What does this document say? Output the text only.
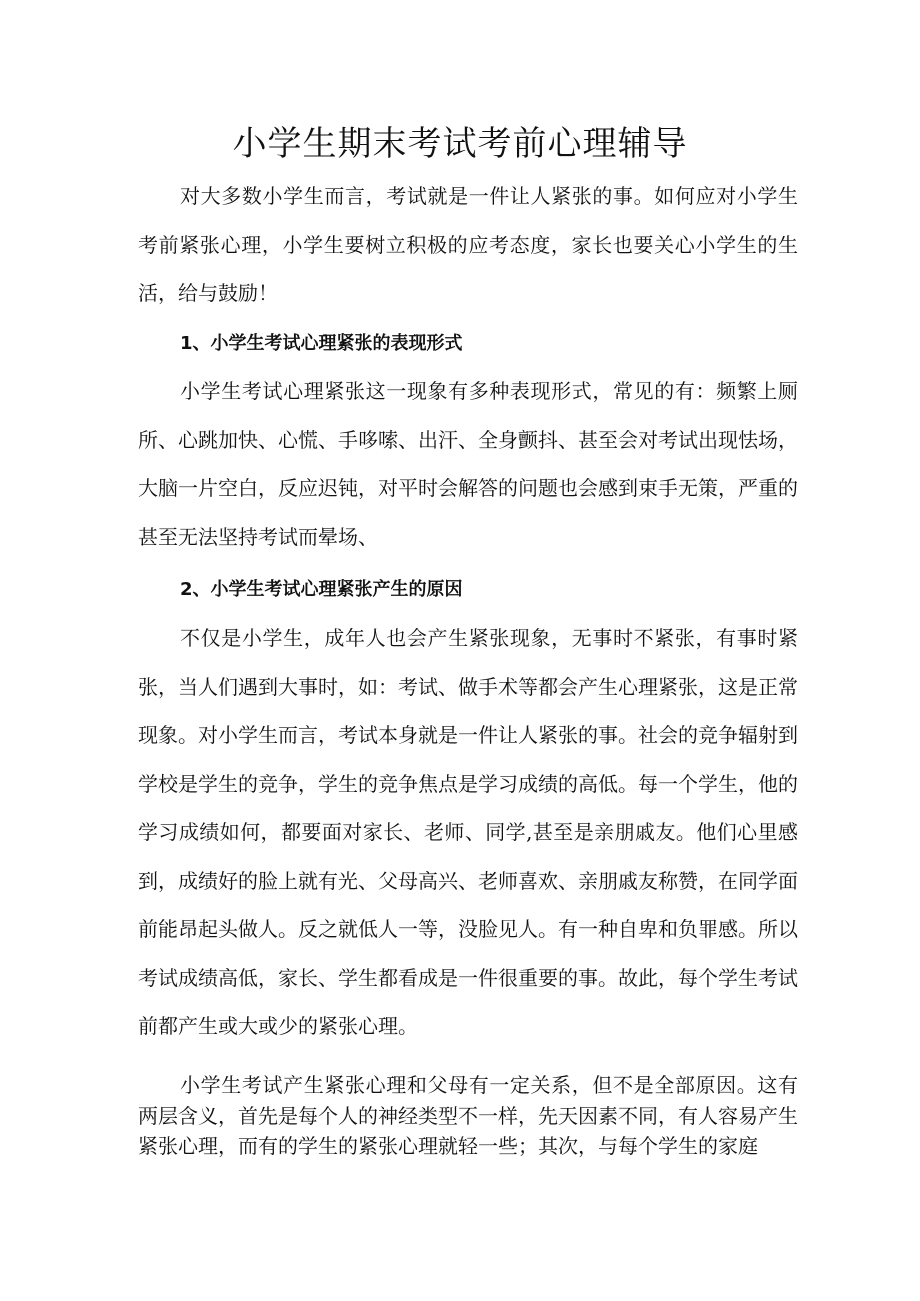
小学生期末考试考前心理辅导

对大多数小学生而言，考试就是一件让人紧张的事。如何应对小学生考前紧张心理，小学生要树立积极的应考态度，家长也要关心小学生的生活，给与鼓励！

1、小学生考试心理紧张的表现形式

小学生考试心理紧张这一现象有多种表现形式，常见的有：频繁上厕所、心跳加快、心慌、手哆嗦、出汗、全身颤抖、甚至会对考试出现怯场，大脑一片空白，反应迟钝，对平时会解答的问题也会感到束手无策，严重的甚至无法坚持考试而晕场、

2、小学生考试心理紧张产生的原因

不仅是小学生，成年人也会产生紧张现象，无事时不紧张，有事时紧张，当人们遇到大事时，如：考试、做手术等都会产生心理紧张，这是正常现象。对小学生而言，考试本身就是一件让人紧张的事。社会的竞争辐射到学校是学生的竞争，学生的竞争焦点是学习成绩的高低。每一个学生，他的学习成绩如何，都要面对家长、老师、同学,甚至是亲朋戚友。他们心里感到，成绩好的脸上就有光、父母高兴、老师喜欢、亲朋戚友称赞，在同学面前能昂起头做人。反之就低人一等，没脸见人。有一种自卑和负罪感。所以考试成绩高低，家长、学生都看成是一件很重要的事。故此，每个学生考试前都产生或大或少的紧张心理。

小学生考试产生紧张心理和父母有一定关系，但不是全部原因。这有两层含义，首先是每个人的神经类型不一样，先天因素不同，有人容易产生紧张心理，而有的学生的紧张心理就轻一些；其次，与每个学生的家庭
